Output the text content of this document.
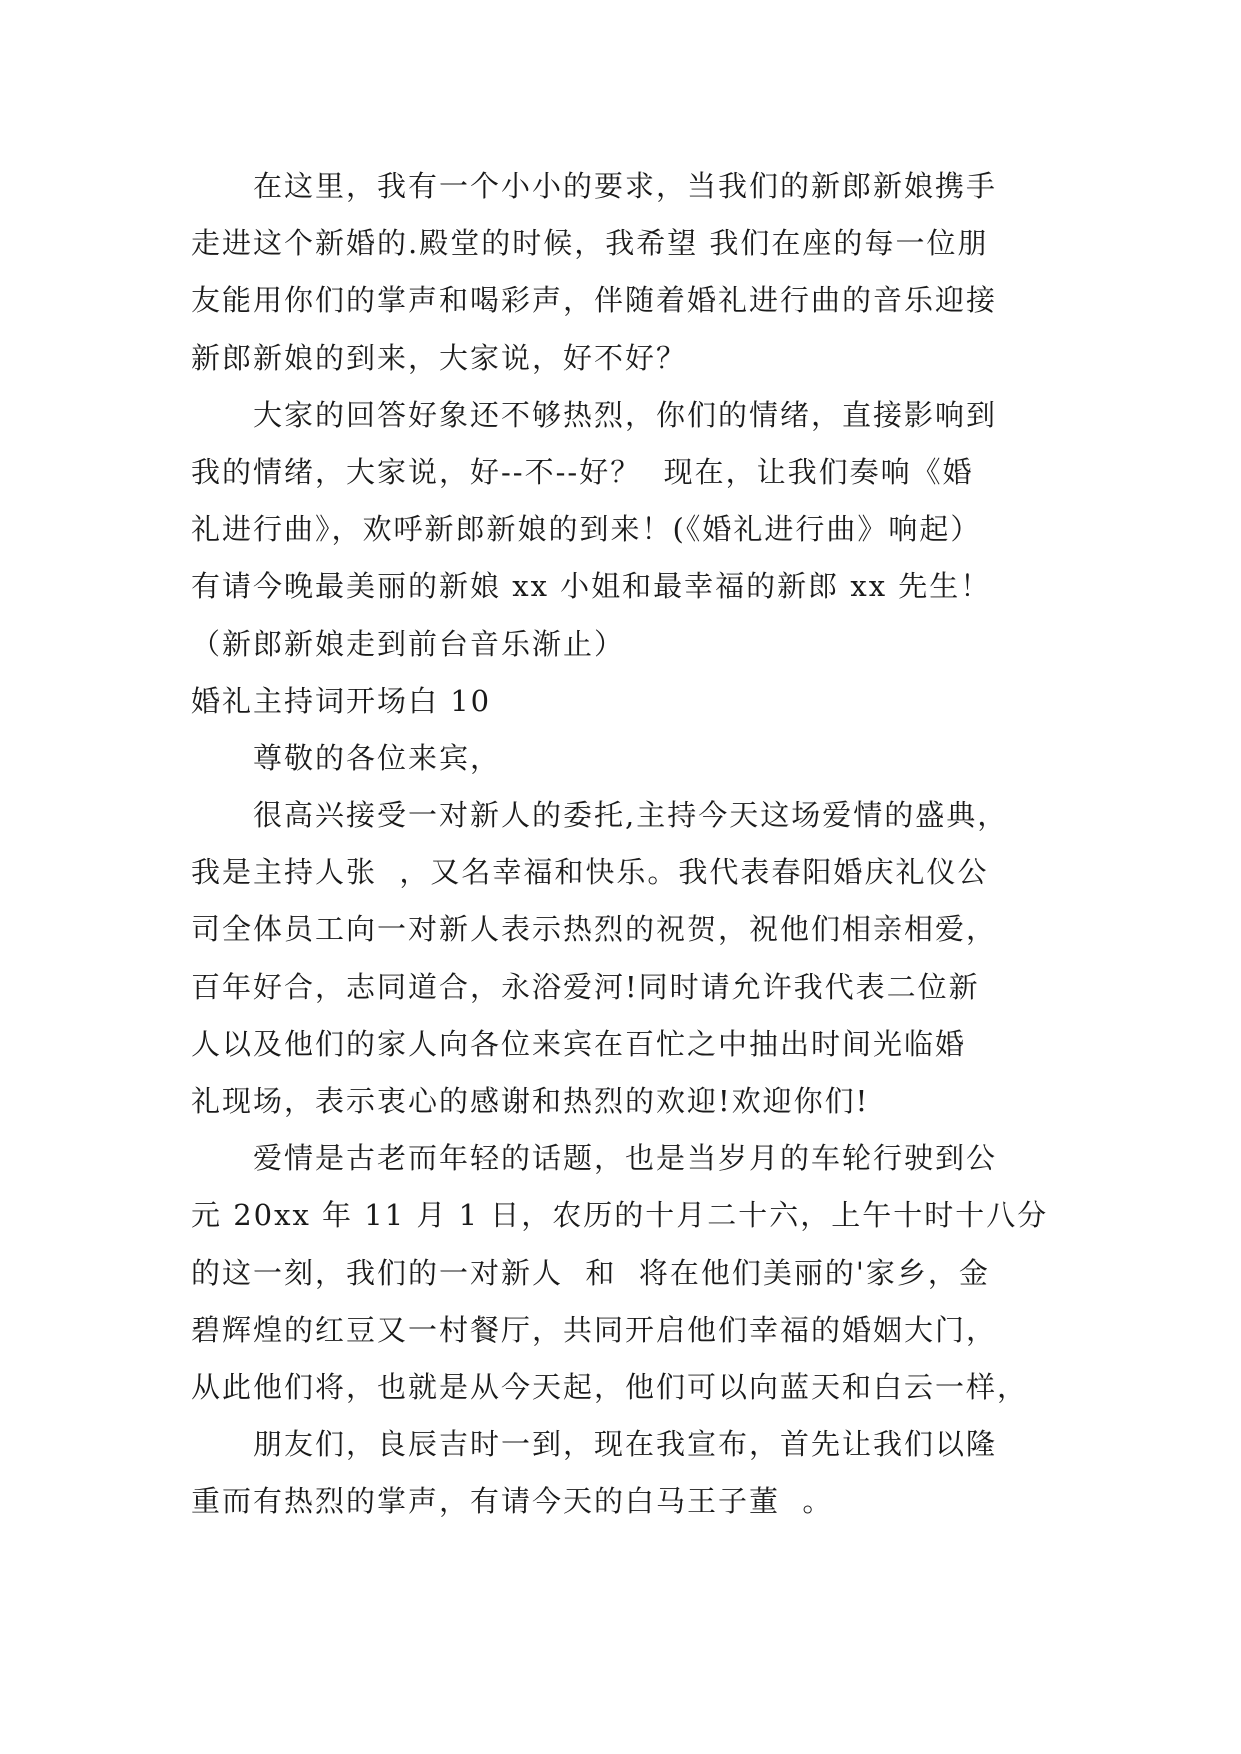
在这里，我有一个小小的要求，当我们的新郎新娘携手
走进这个新婚的.殿堂的时候，我希望 我们在座的每一位朋
友能用你们的掌声和喝彩声，伴随着婚礼进行曲的音乐迎接
新郎新娘的到来，大家说，好不好？
大家的回答好象还不够热烈，你们的情绪，直接影响到
我的情绪，大家说，好--不--好？  现在，让我们奏响《婚
礼进行曲》，欢呼新郎新娘的到来！(《婚礼进行曲》响起）
有请今晚最美丽的新娘 xx 小姐和最幸福的新郎 xx 先生！
（新郎新娘走到前台音乐渐止）
婚礼主持词开场白 10
尊敬的各位来宾，
很高兴接受一对新人的委托,主持今天这场爱情的盛典，
我是主持人张  ，又名幸福和快乐。我代表春阳婚庆礼仪公
司全体员工向一对新人表示热烈的祝贺，祝他们相亲相爱，
百年好合，志同道合，永浴爱河!同时请允许我代表二位新
人以及他们的家人向各位来宾在百忙之中抽出时间光临婚
礼现场，表示衷心的感谢和热烈的欢迎!欢迎你们!
爱情是古老而年轻的话题，也是当岁月的车轮行驶到公
元 20xx 年 11 月 1 日，农历的十月二十六，上午十时十八分
的这一刻，我们的一对新人  和  将在他们美丽的'家乡，金
碧辉煌的红豆又一村餐厅，共同开启他们幸福的婚姻大门，
从此他们将，也就是从今天起，他们可以向蓝天和白云一样，
朋友们，良辰吉时一到，现在我宣布，首先让我们以隆
重而有热烈的掌声，有请今天的白马王子董  。
